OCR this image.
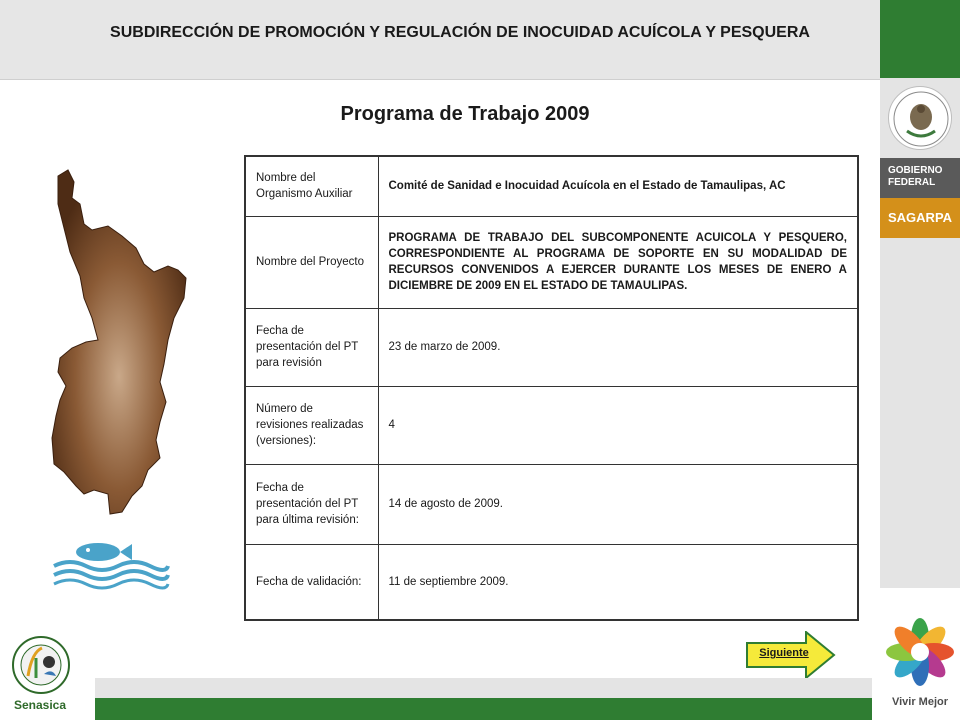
SUBDIRECCIÓN DE PROMOCIÓN Y REGULACIÓN DE INOCUIDAD ACUÍCOLA Y PESQUERA
GOBIERNO
FEDERAL
SAGARPA
Vivir Mejor
Programa de Trabajo 2009
Nombre del Organismo Auxiliar	Comité de Sanidad e Inocuidad Acuícola en el Estado de Tamaulipas, AC
Nombre del Proyecto	PROGRAMA DE TRABAJO DEL SUBCOMPONENTE ACUICOLA Y PESQUERO, CORRESPONDIENTE AL PROGRAMA DE SOPORTE EN SU MODALIDAD DE RECURSOS CONVENIDOS A EJERCER DURANTE LOS MESES DE ENERO A DICIEMBRE DE 2009 EN EL ESTADO DE TAMAULIPAS.
Fecha de presentación del PT para revisión	23 de marzo de 2009.
Número de revisiones realizadas (versiones):	4
Fecha de presentación del PT para última revisión:	14 de agosto de 2009.
Fecha de validación:	11 de septiembre 2009.
Siguiente
Senasica
